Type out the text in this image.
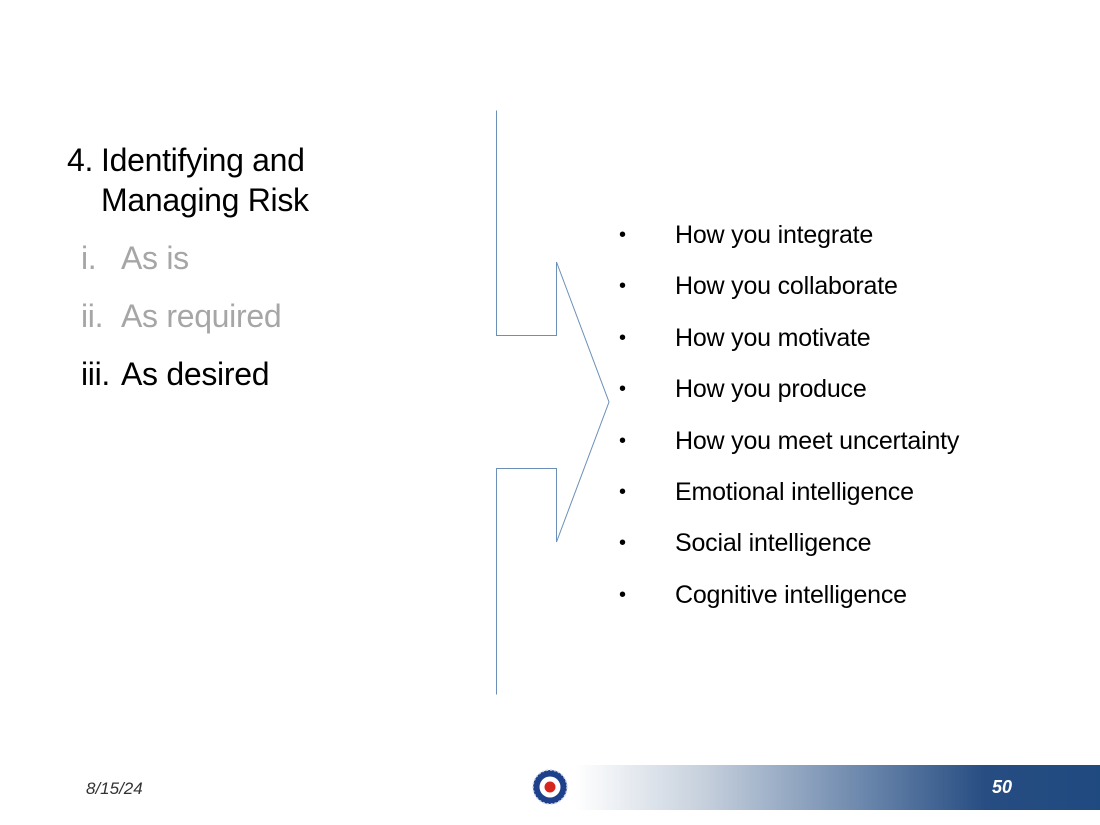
4. Identifying and
Managing Risk
i. As is
ii. As required
iii. As desired
• How you integrate
• How you collaborate
• How you motivate
• How you produce
• How you meet uncertainty
• Emotional intelligence
• Social intelligence
• Cognitive intelligence
8/15/24	50
